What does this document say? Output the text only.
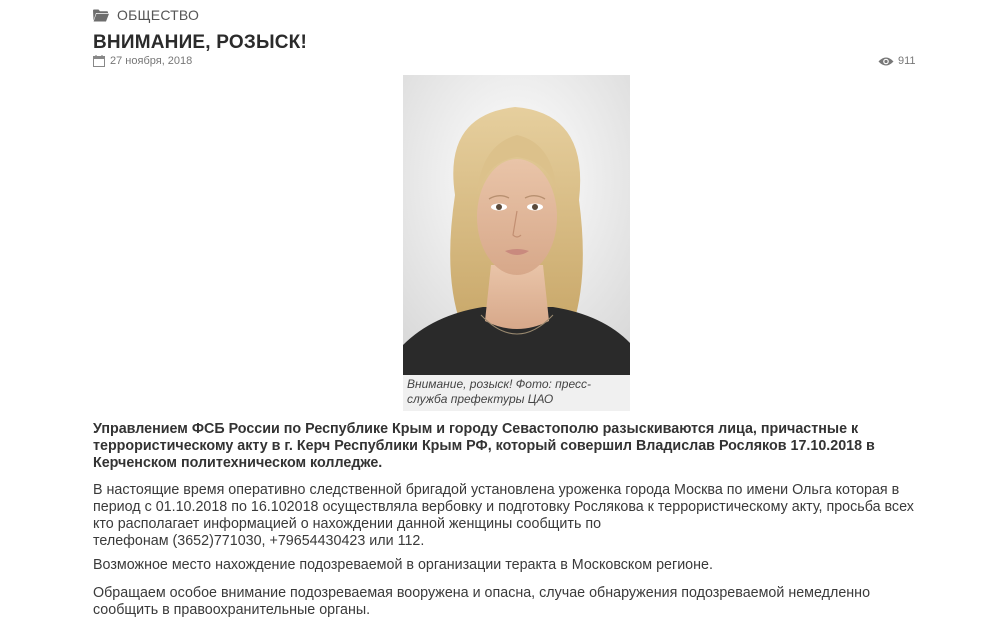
ОБЩЕСТВО
ВНИМАНИЕ, РОЗЫСК!
27 ноября, 2018	911
Внимание, розыск! Фото: пресс-
служба префектуры ЦАО

Управлением ФСБ России по Республике Крым и городу Севастополю разыскиваются лица, причастные к террористическому акту в г. Керч Республики Крым РФ, который совершил Владислав Росляков 17.10.2018 в Керченском политехническом колледже.

В настоящие время оперативно следственной бригадой установлена уроженка города Москва по имени Ольга которая в период с 01.10.2018 по 16.102018 осуществляла вербовку и подготовку Рослякова к террористическому акту, просьба всех кто располагает информацией о нахождении данной женщины сообщить по
телефонам (3652)771030, +79654430423 или 112.

Возможное место нахождение подозреваемой в организации теракта в Московском регионе.

Обращаем особое внимание подозреваемая вооружена и опасна, случае обнаружения подозреваемой немедленно сообщить в правоохранительные органы.
